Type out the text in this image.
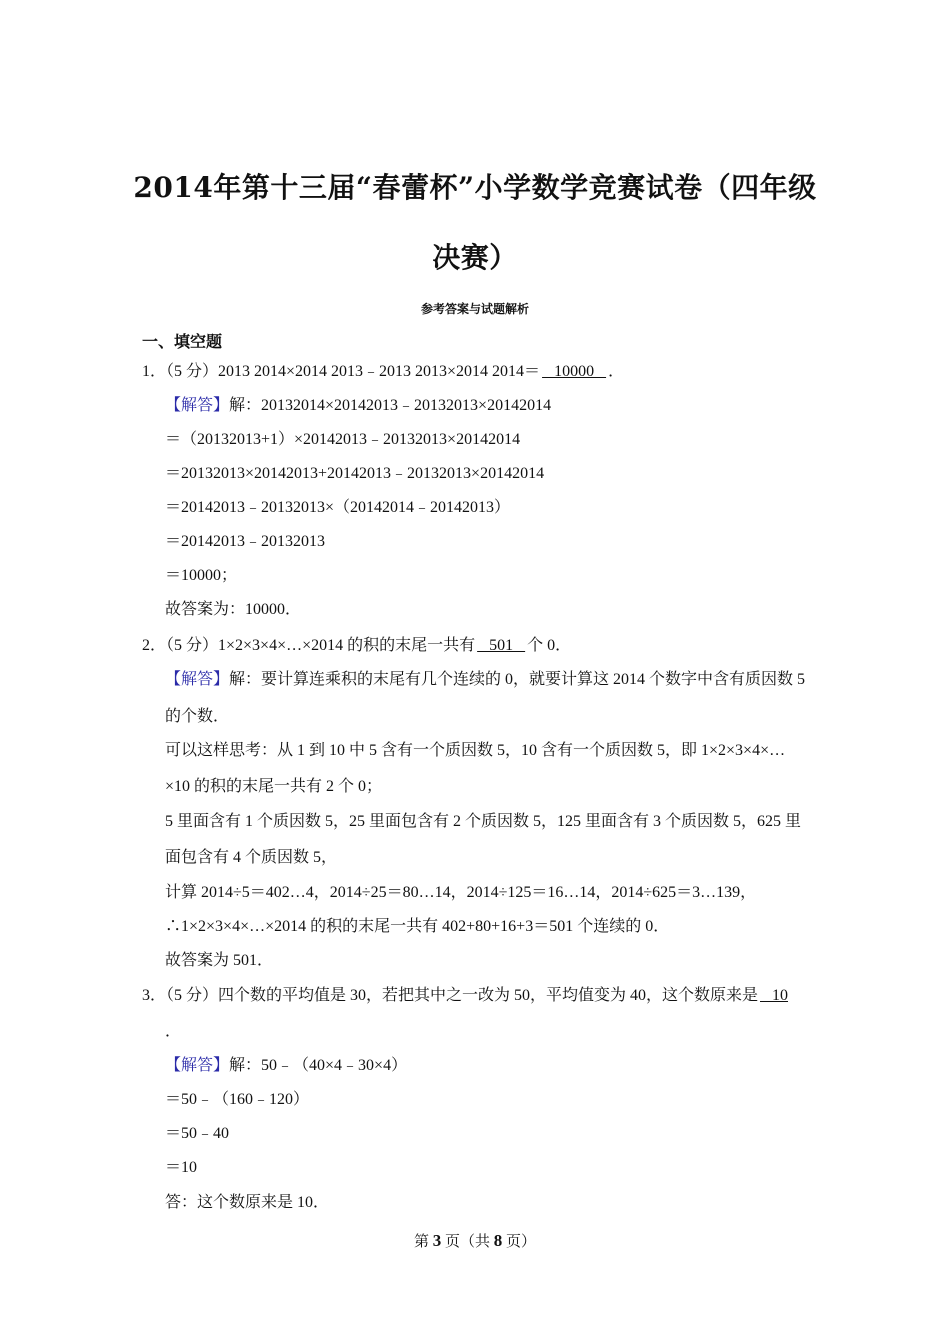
2014年第十三届“春蕾杯”小学数学竞赛试卷（四年级
决赛）
参考答案与试题解析
一、填空题
1．（5 分）2013 2014×2014 2013﹣2013 2013×2014 2014＝   10000   ．
【解答】解：20132014×20142013﹣20132013×20142014
＝（20132013+1）×20142013﹣20132013×20142014
＝20132013×20142013+20142013﹣20132013×20142014
＝20142013﹣20132013×（20142014﹣20142013）
＝20142013﹣20132013
＝10000；
故答案为：10000．
2．（5 分）1×2×3×4×…×2014 的积的末尾一共有   501   个 0．
【解答】解：要计算连乘积的末尾有几个连续的 0，就要计算这 2014 个数字中含有质因数 5
的个数．
可以这样思考：从 1 到 10 中 5 含有一个质因数 5，10 含有一个质因数 5，即 1×2×3×4×…
×10 的积的末尾一共有 2 个 0；
5 里面含有 1 个质因数 5，25 里面包含有 2 个质因数 5，125 里面含有 3 个质因数 5，625 里
面包含有 4 个质因数 5，
计算 2014÷5＝402…4，2014÷25＝80…14，2014÷125＝16…14，2014÷625＝3…139，
∴1×2×3×4×…×2014 的积的末尾一共有 402+80+16+3＝501 个连续的 0．
故答案为 501．
3．（5 分）四个数的平均值是 30，若把其中之一改为 50，平均值变为 40，这个数原来是   10
．
【解答】解：50﹣（40×4﹣30×4）
＝50﹣（160﹣120）
＝50﹣40
＝10
答：这个数原来是 10．
第 3 页（共 8 页）
